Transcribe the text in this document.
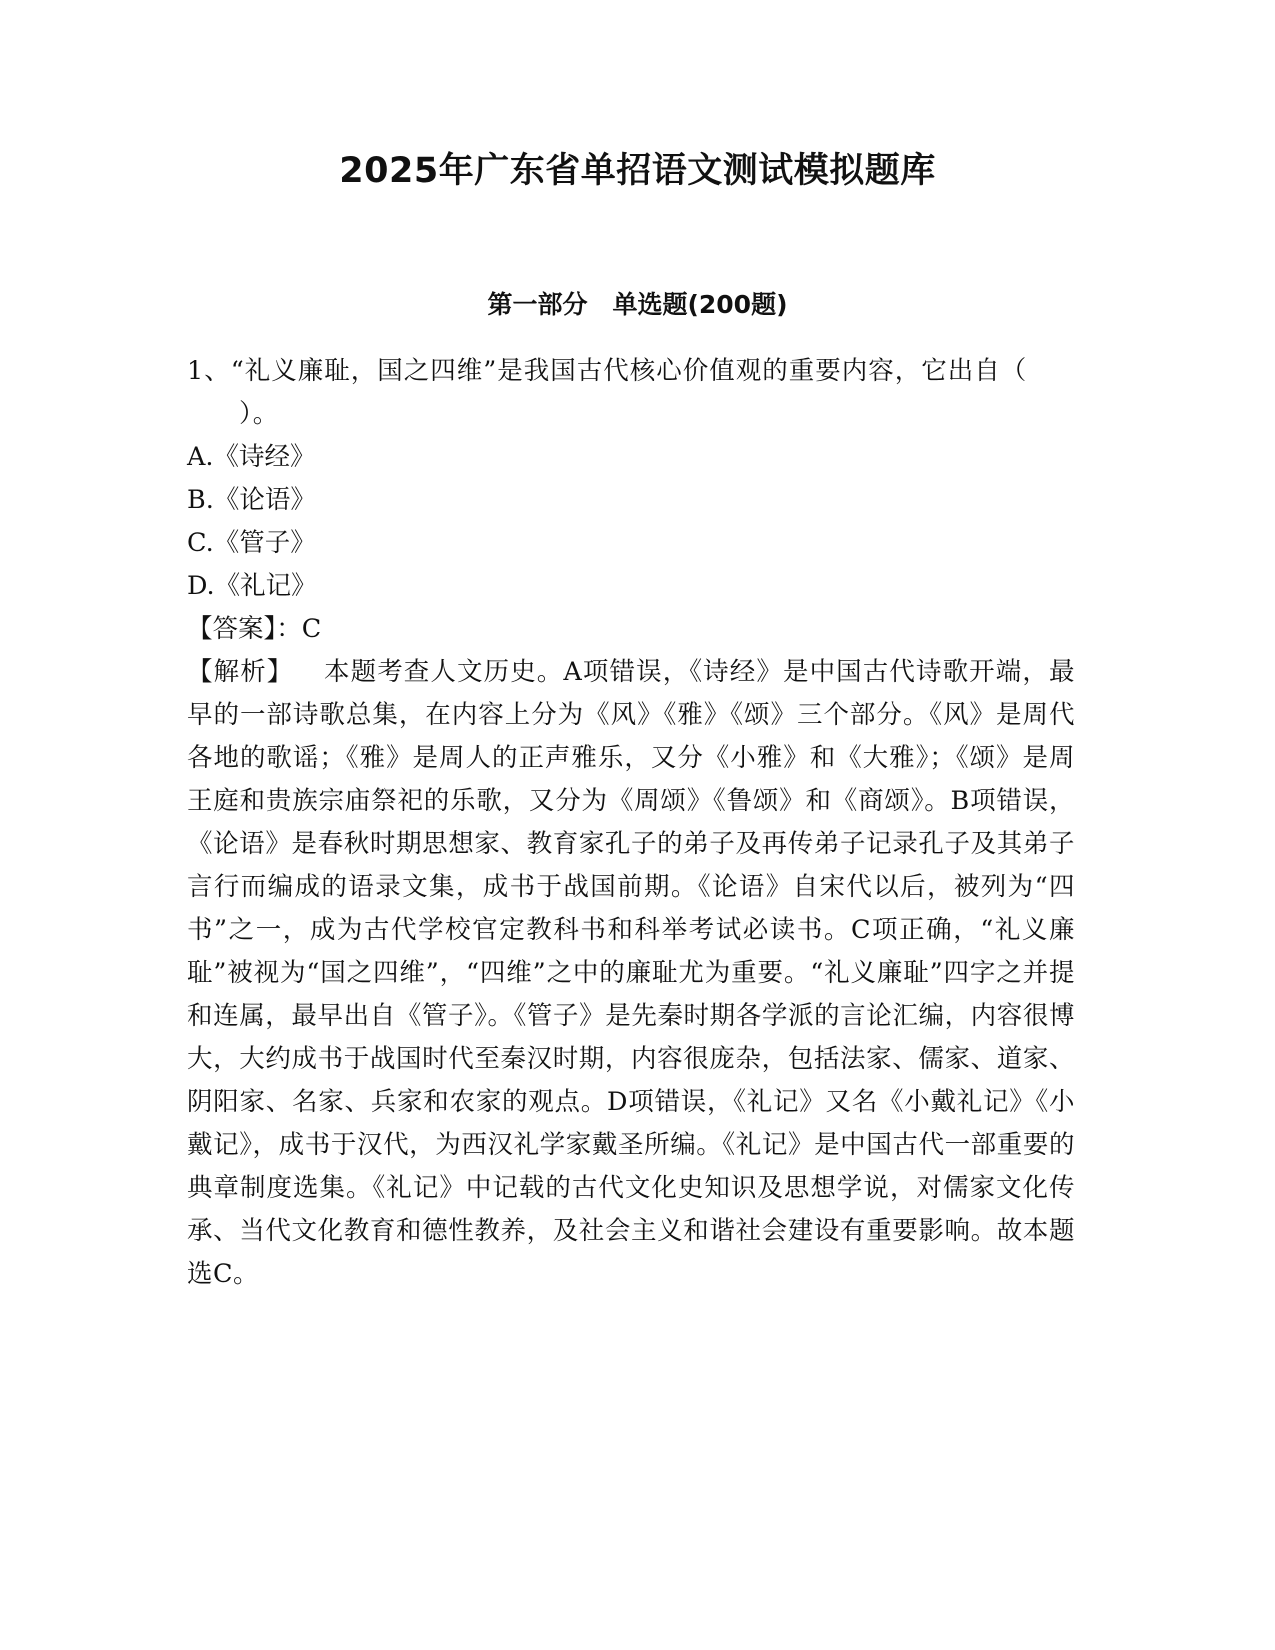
2025年广东省单招语文测试模拟题库
第一部分　单选题(200题)

1、“礼义廉耻，国之四维”是我国古代核心价值观的重要内容，它出自（）。

A.《诗经》

B.《论语》

C.《管子》

D.《礼记》

【答案】：C

【解析】 本题考查人文历史。A项错误，《诗经》是中国古代诗歌开端，最早的一部诗歌总集，在内容上分为《风》《雅》《颂》三个部分。《风》是周代各地的歌谣；《雅》是周人的正声雅乐，又分《小雅》和《大雅》；《颂》是周王庭和贵族宗庙祭祀的乐歌，又分为《周颂》《鲁颂》和《商颂》。B项错误，《论语》是春秋时期思想家、教育家孔子的弟子及再传弟子记录孔子及其弟子言行而编成的语录文集，成书于战国前期。《论语》自宋代以后，被列为“四书”之一，成为古代学校官定教科书和科举考试必读书。C项正确，“礼义廉耻”被视为“国之四维”，“四维”之中的廉耻尤为重要。“礼义廉耻”四字之并提和连属，最早出自《管子》。《管子》是先秦时期各学派的言论汇编，内容很博大，大约成书于战国时代至秦汉时期，内容很庞杂，包括法家、儒家、道家、阴阳家、名家、兵家和农家的观点。D项错误，《礼记》又名《小戴礼记》《小戴记》，成书于汉代，为西汉礼学家戴圣所编。《礼记》是中国古代一部重要的典章制度选集。《礼记》中记载的古代文化史知识及思想学说，对儒家文化传承、当代文化教育和德性教养，及社会主义和谐社会建设有重要影响。故本题选C。
